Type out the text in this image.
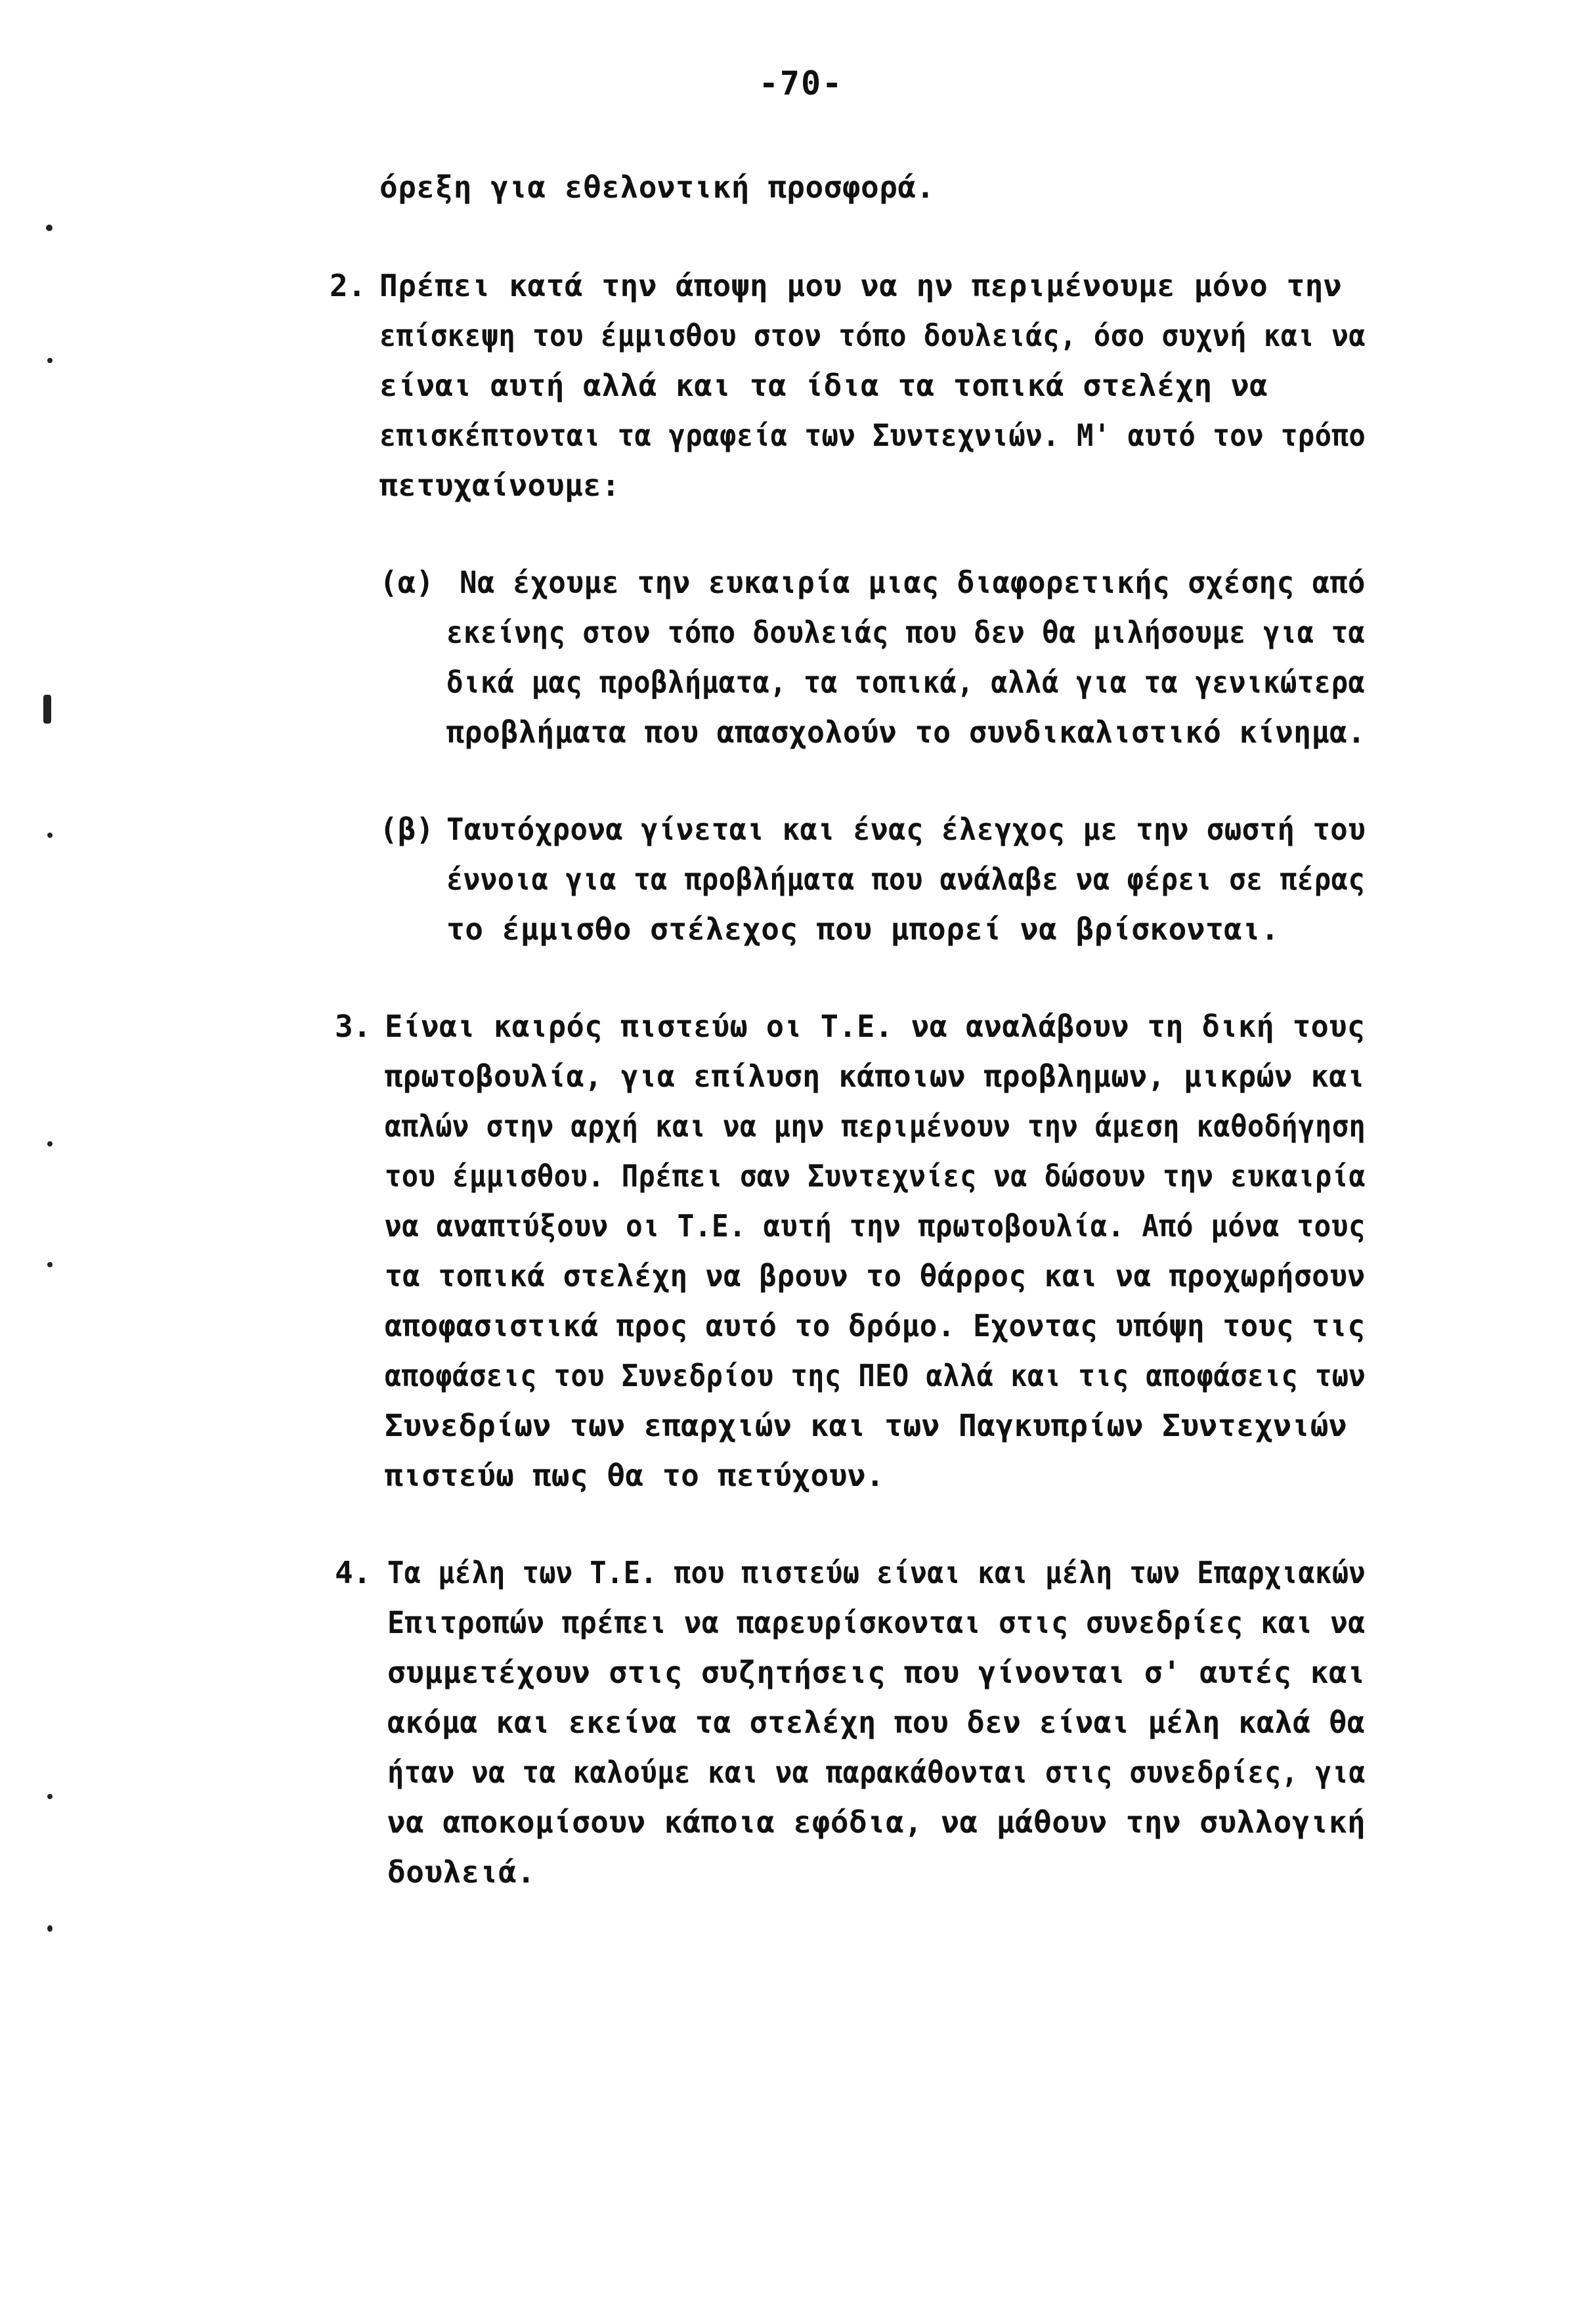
-70-
όρεξη για εθελοντική προσφορά.
2. Πρέπει κατά την άποψη μου να ην περιμένουμε μόνο την
επίσκεψη του έμμισθου στον τόπο δουλειάς, όσο συχνή και να
είναι αυτή αλλά και τα ίδια τα τοπικά στελέχη να
επισκέπτονται τα γραφεία των Συντεχνιών. Μ' αυτό τον τρόπο
πετυχαίνουμε:
(α) Να έχουμε την ευκαιρία μιας διαφορετικής σχέσης από
εκείνης στον τόπο δουλειάς που δεν θα μιλήσουμε για τα
δικά μας προβλήματα, τα τοπικά, αλλά για τα γενικώτερα
προβλήματα που απασχολούν το συνδικαλιστικό κίνημα.
(β) Ταυτόχρονα γίνεται και ένας έλεγχος με την σωστή του
έννοια για τα προβλήματα που ανάλαβε να φέρει σε πέρας
το έμμισθο στέλεχος που μπορεί να βρίσκονται.
3. Είναι καιρός πιστεύω οι Τ.Ε. να αναλάβουν τη δική τους
πρωτοβουλία, για επίλυση κάποιων προβλημων, μικρών και
απλών στην αρχή και να μην περιμένουν την άμεση καθοδήγηση
του έμμισθου. Πρέπει σαν Συντεχνίες να δώσουν την ευκαιρία
να αναπτύξουν οι Τ.Ε. αυτή την πρωτοβουλία. Από μόνα τους
τα τοπικά στελέχη να βρουν το θάρρος και να προχωρήσουν
αποφασιστικά προς αυτό το δρόμο. Εχοντας υπόψη τους τις
αποφάσεις του Συνεδρίου της ΠΕΟ αλλά και τις αποφάσεις των
Συνεδρίων των επαρχιών και των Παγκυπρίων Συντεχνιών
πιστεύω πως θα το πετύχουν.
4. Τα μέλη των Τ.Ε. που πιστεύω είναι και μέλη των Επαρχιακών
Επιτροπών πρέπει να παρευρίσκονται στις συνεδρίες και να
συμμετέχουν στις συζητήσεις που γίνονται σ' αυτές και
ακόμα και εκείνα τα στελέχη που δεν είναι μέλη καλά θα
ήταν να τα καλούμε και να παρακάθονται στις συνεδρίες, για
να αποκομίσουν κάποια εφόδια, να μάθουν την συλλογική
δουλειά.
